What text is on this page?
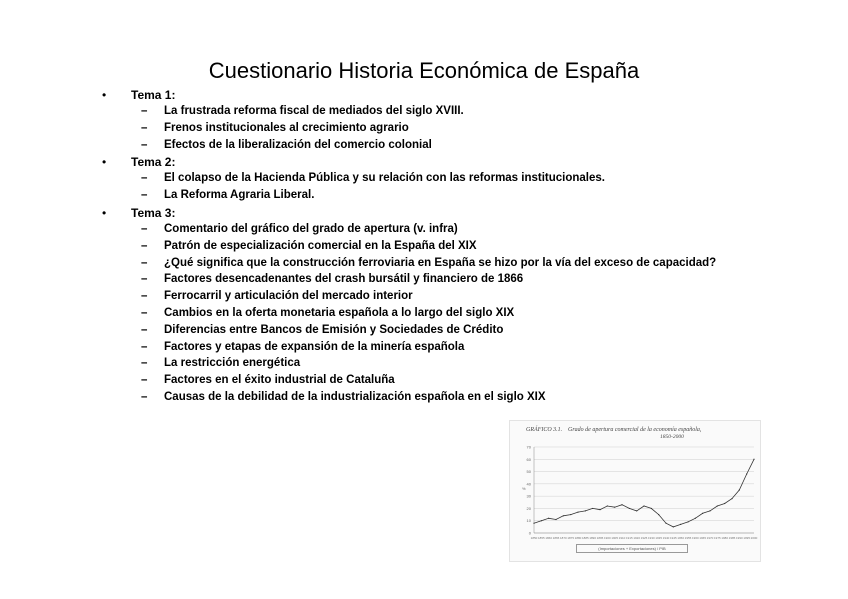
Cuestionario Historia Económica de España
• Tema 1:
– La frustrada reforma fiscal de mediados del siglo XVIII.
– Frenos institucionales al crecimiento agrario
– Efectos de la liberalización del comercio colonial
• Tema 2:
– El colapso de la Hacienda Pública y su relación con las reformas institucionales.
– La Reforma Agraria Liberal.
• Tema 3:
– Comentario del gráfico del grado de apertura (v. infra)
– Patrón de especialización comercial en la España del XIX
– ¿Qué significa que la construcción ferroviaria en España se hizo por la vía del exceso de capacidad?
– Factores desencadenantes del crash bursátil y financiero de 1866
– Ferrocarril y articulación del mercado interior
– Cambios en la oferta monetaria española a lo largo del siglo XIX
– Diferencias entre Bancos de Emisión y Sociedades de Crédito
– Factores y etapas de expansión de la minería española
– La restricción energética
– Factores en el éxito industrial de Cataluña
– Causas de la debilidad de la industrialización española en el siglo XIX
GRÁFICO 3.1. Grado de apertura comercial de la economía española,
1850-2000
0
10
20
30
40
50
60
70
1850 1855 1860 1865 1870 1875 1880 1885 1890 1895 1900 1905 1910 1915 1920 1925 1930 1935 1940 1945 1950 1955 1960 1965 1970 1975 1980 1985 1990 1995 2000
%
(Importaciones + Exportaciones) / PIB
